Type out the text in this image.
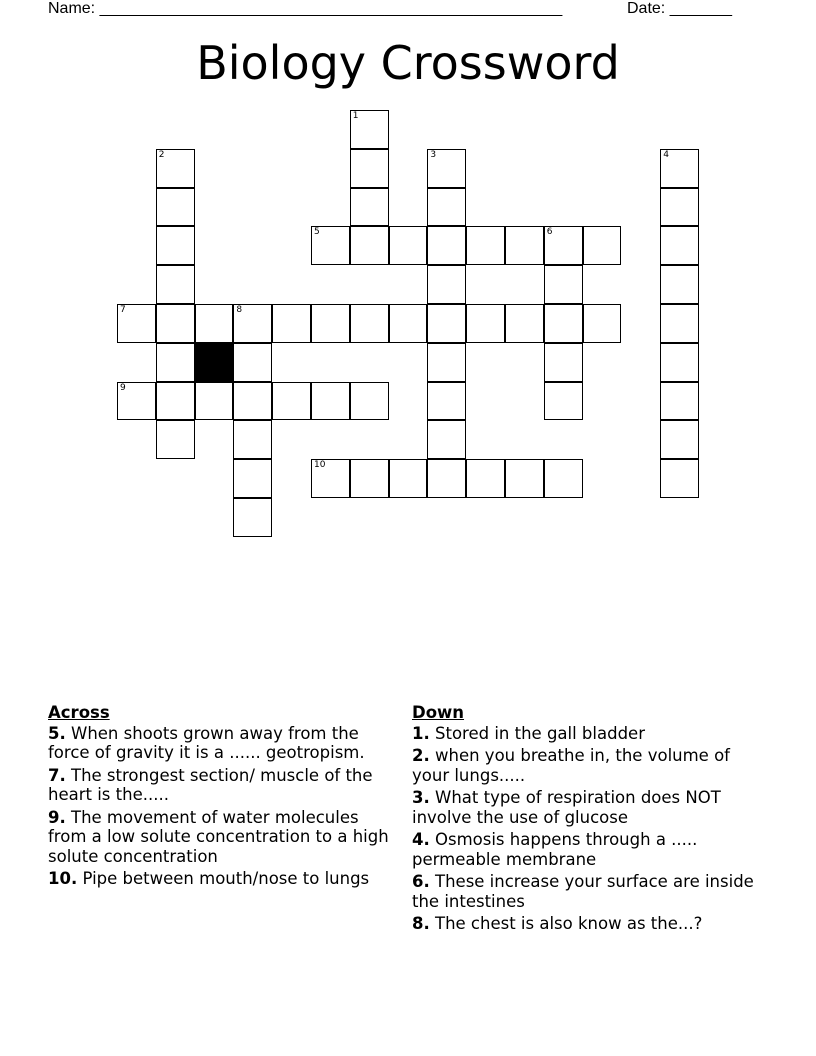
Name: ____________________________________________________	Date: _______
Biology Crossword
1
2	3	4
5	6
7	8
9
10
Across
5. When shoots grown away from the force of gravity it is a ...... geotropism.
7. The strongest section/ muscle of the heart is the.....
9. The movement of water molecules from a low solute concentration to a high solute concentration
10. Pipe between mouth/nose to lungs
Down
1. Stored in the gall bladder
2. when you breathe in, the volume of your lungs.....
3. What type of respiration does NOT involve the use of glucose
4. Osmosis happens through a ..... permeable membrane
6. These increase your surface are inside the intestines
8. The chest is also know as the...?
